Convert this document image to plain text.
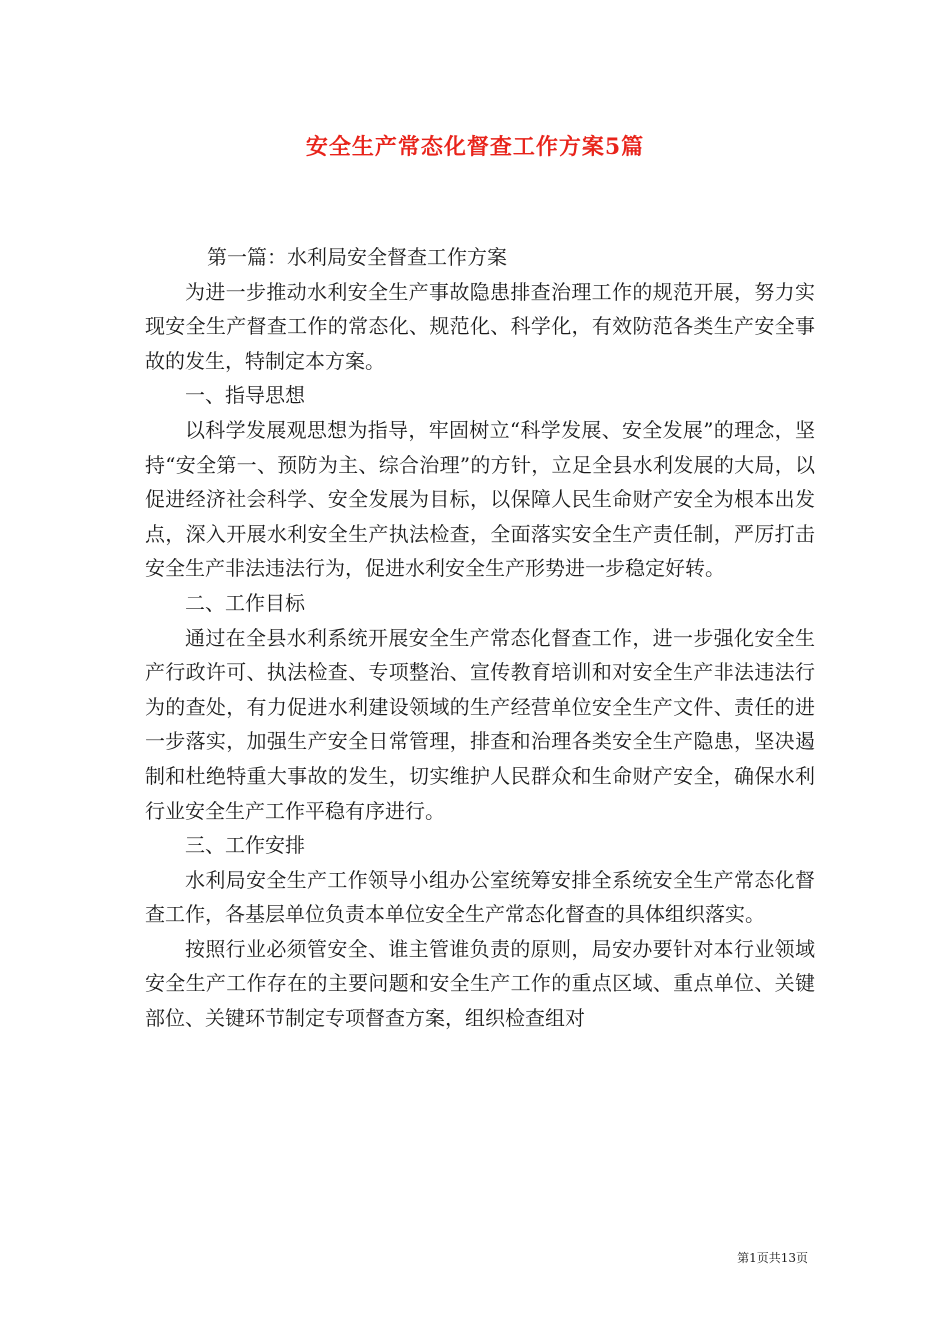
安全生产常态化督查工作方案5篇

第一篇：水利局安全督查工作方案

为进一步推动水利安全生产事故隐患排查治理工作的规范开展，努力实现安全生产督查工作的常态化、规范化、科学化，有效防范各类生产安全事故的发生，特制定本方案。

一、指导思想

以科学发展观思想为指导，牢固树立“科学发展、安全发展”的理念，坚持“安全第一、预防为主、综合治理”的方针，立足全县水利发展的大局，以促进经济社会科学、安全发展为目标，以保障人民生命财产安全为根本出发点，深入开展水利安全生产执法检查，全面落实安全生产责任制，严厉打击安全生产非法违法行为，促进水利安全生产形势进一步稳定好转。

二、工作目标

通过在全县水利系统开展安全生产常态化督查工作，进一步强化安全生产行政许可、执法检查、专项整治、宣传教育培训和对安全生产非法违法行为的查处，有力促进水利建设领域的生产经营单位安全生产文件、责任的进一步落实，加强生产安全日常管理，排查和治理各类安全生产隐患，坚决遏制和杜绝特重大事故的发生，切实维护人民群众和生命财产安全，确保水利行业安全生产工作平稳有序进行。

三、工作安排

水利局安全生产工作领导小组办公室统筹安排全系统安全生产常态化督查工作，各基层单位负责本单位安全生产常态化督查的具体组织落实。

按照行业必须管安全、谁主管谁负责的原则，局安办要针对本行业领域安全生产工作存在的主要问题和安全生产工作的重点区域、重点单位、关键部位、关键环节制定专项督查方案，组织检查组对

第1页共13页
